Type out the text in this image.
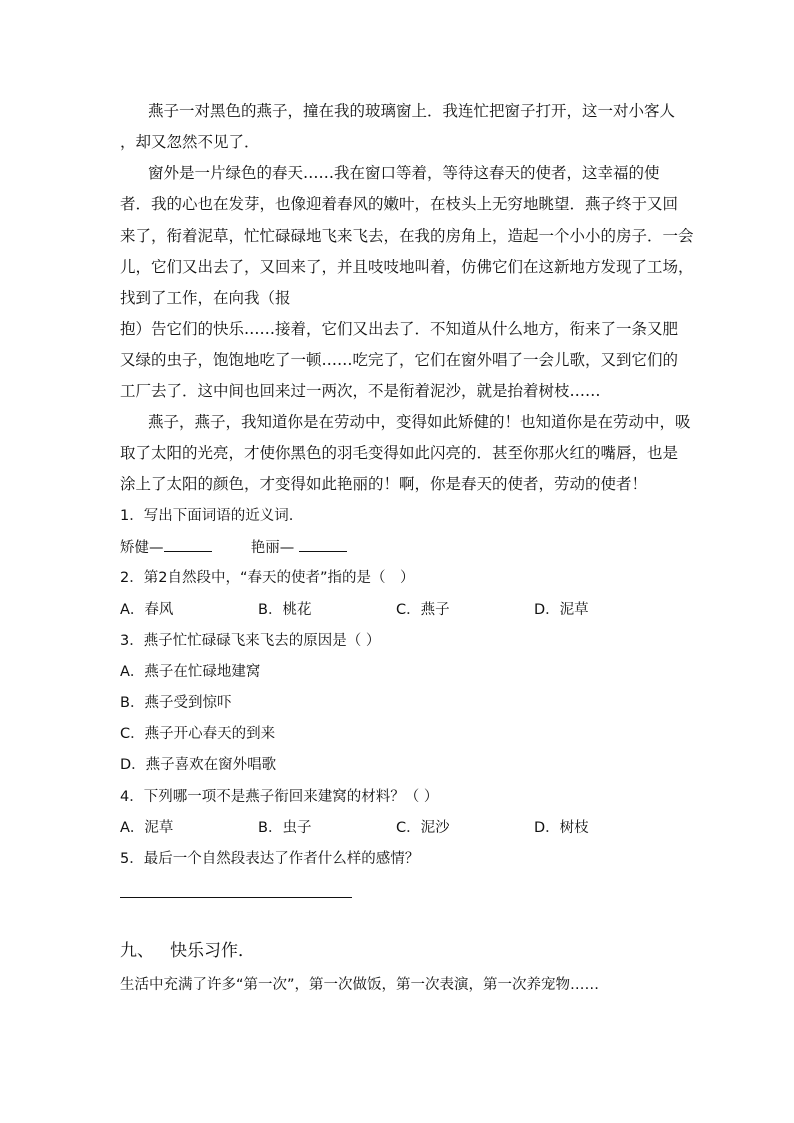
燕子一对黑色的燕子，撞在我的玻璃窗上．我连忙把窗子打开，这一对小客人
，却又忽然不见了．
窗外是一片绿色的春天……我在窗口等着，等待这春天的使者，这幸福的使
者．我的心也在发芽，也像迎着春风的嫩叶，在枝头上无穷地眺望．燕子终于又回
来了，衔着泥草，忙忙碌碌地飞来飞去，在我的房角上，造起一个小小的房子．一会
儿，它们又出去了，又回来了，并且吱吱地叫着，仿佛它们在这新地方发现了工场，
找到了工作，在向我（报
抱）告它们的快乐……接着，它们又出去了．不知道从什么地方，衔来了一条又肥
又绿的虫子，饱饱地吃了一顿……吃完了，它们在窗外唱了一会儿歌，又到它们的
工厂去了．这中间也回来过一两次，不是衔着泥沙，就是抬着树枝……
燕子，燕子，我知道你是在劳动中，变得如此矫健的！也知道你是在劳动中，吸
取了太阳的光亮，才使你黑色的羽毛变得如此闪亮的．甚至你那火红的嘴唇，也是
涂上了太阳的颜色，才变得如此艳丽的！啊，你是春天的使者，劳动的使者！
1．写出下面词语的近义词.
矫健—	艳丽—
2．第2自然段中，“春天的使者”指的是（　）
A．春风	B．桃花	C．燕子	D．泥草
3．燕子忙忙碌碌飞来飞去的原因是（ ）
A．燕子在忙碌地建窝
B．燕子受到惊吓
C．燕子开心春天的到来
D．燕子喜欢在窗外唱歌
4．下列哪一项不是燕子衔回来建窝的材料？（ ）
A．泥草	B．虫子	C．泥沙	D．树枝
5．最后一个自然段表达了作者什么样的感情？
九、 快乐习作．
生活中充满了许多“第一次”，第一次做饭，第一次表演，第一次养宠物……
